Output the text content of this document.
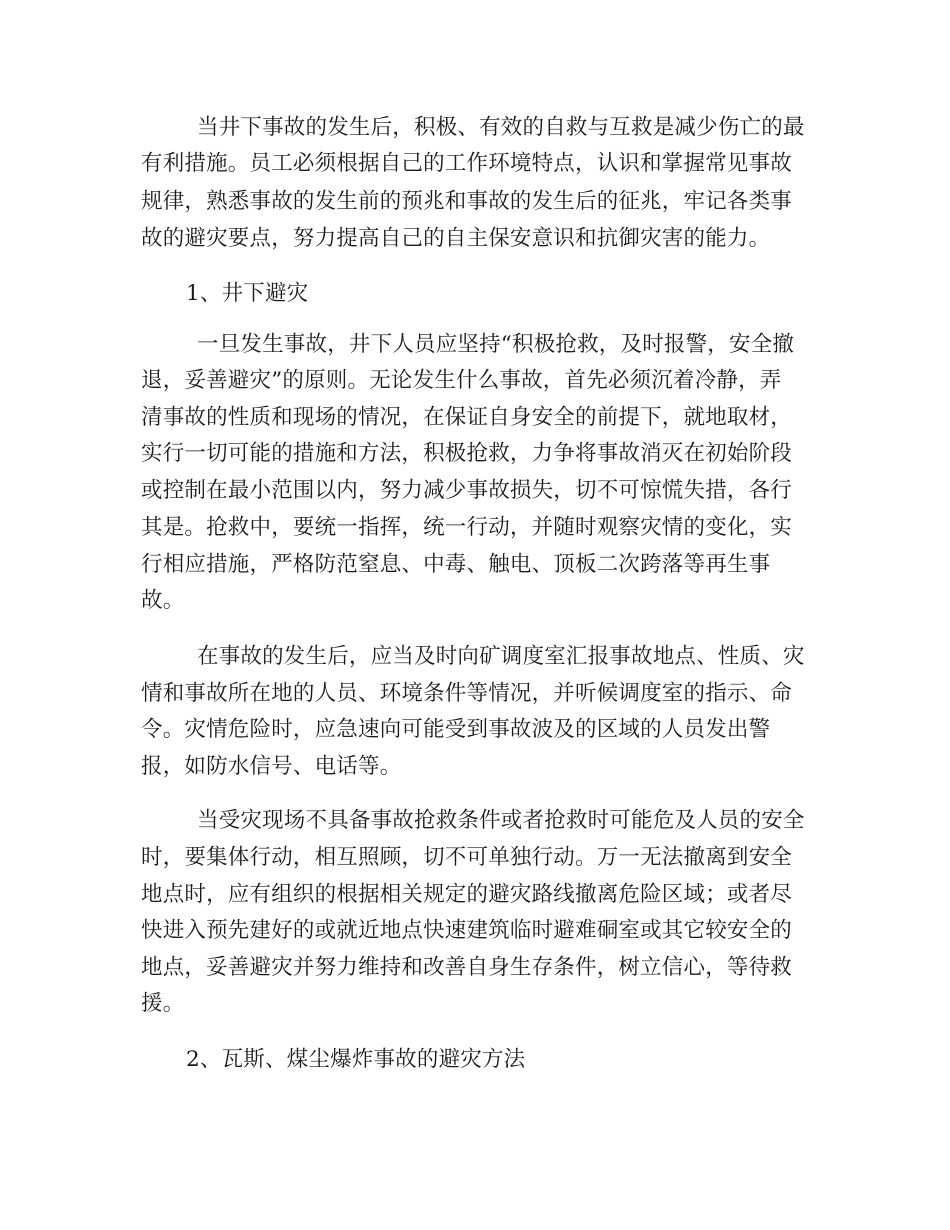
当井下事故的发生后，积极、有效的自救与互救是减少伤亡的最
有利措施。员工必须根据自己的工作环境特点，认识和掌握常见事故
规律，熟悉事故的发生前的预兆和事故的发生后的征兆，牢记各类事
故的避灾要点，努力提高自己的自主保安意识和抗御灾害的能力。
1、井下避灾
一旦发生事故，井下人员应坚持“积极抢救，及时报警，安全撤
退，妥善避灾”的原则。无论发生什么事故，首先必须沉着冷静，弄
清事故的性质和现场的情况，在保证自身安全的前提下，就地取材，
实行一切可能的措施和方法，积极抢救，力争将事故消灭在初始阶段
或控制在最小范围以内，努力减少事故损失，切不可惊慌失措，各行
其是。抢救中，要统一指挥，统一行动，并随时观察灾情的变化，实
行相应措施，严格防范窒息、中毒、触电、顶板二次跨落等再生事
故。
在事故的发生后，应当及时向矿调度室汇报事故地点、性质、灾
情和事故所在地的人员、环境条件等情况，并听候调度室的指示、命
令。灾情危险时，应急速向可能受到事故波及的区域的人员发出警
报，如防水信号、电话等。
当受灾现场不具备事故抢救条件或者抢救时可能危及人员的安全
时，要集体行动，相互照顾，切不可单独行动。万一无法撤离到安全
地点时，应有组织的根据相关规定的避灾路线撤离危险区域；或者尽
快进入预先建好的或就近地点快速建筑临时避难硐室或其它较安全的
地点，妥善避灾并努力维持和改善自身生存条件，树立信心，等待救
援。
2、瓦斯、煤尘爆炸事故的避灾方法
